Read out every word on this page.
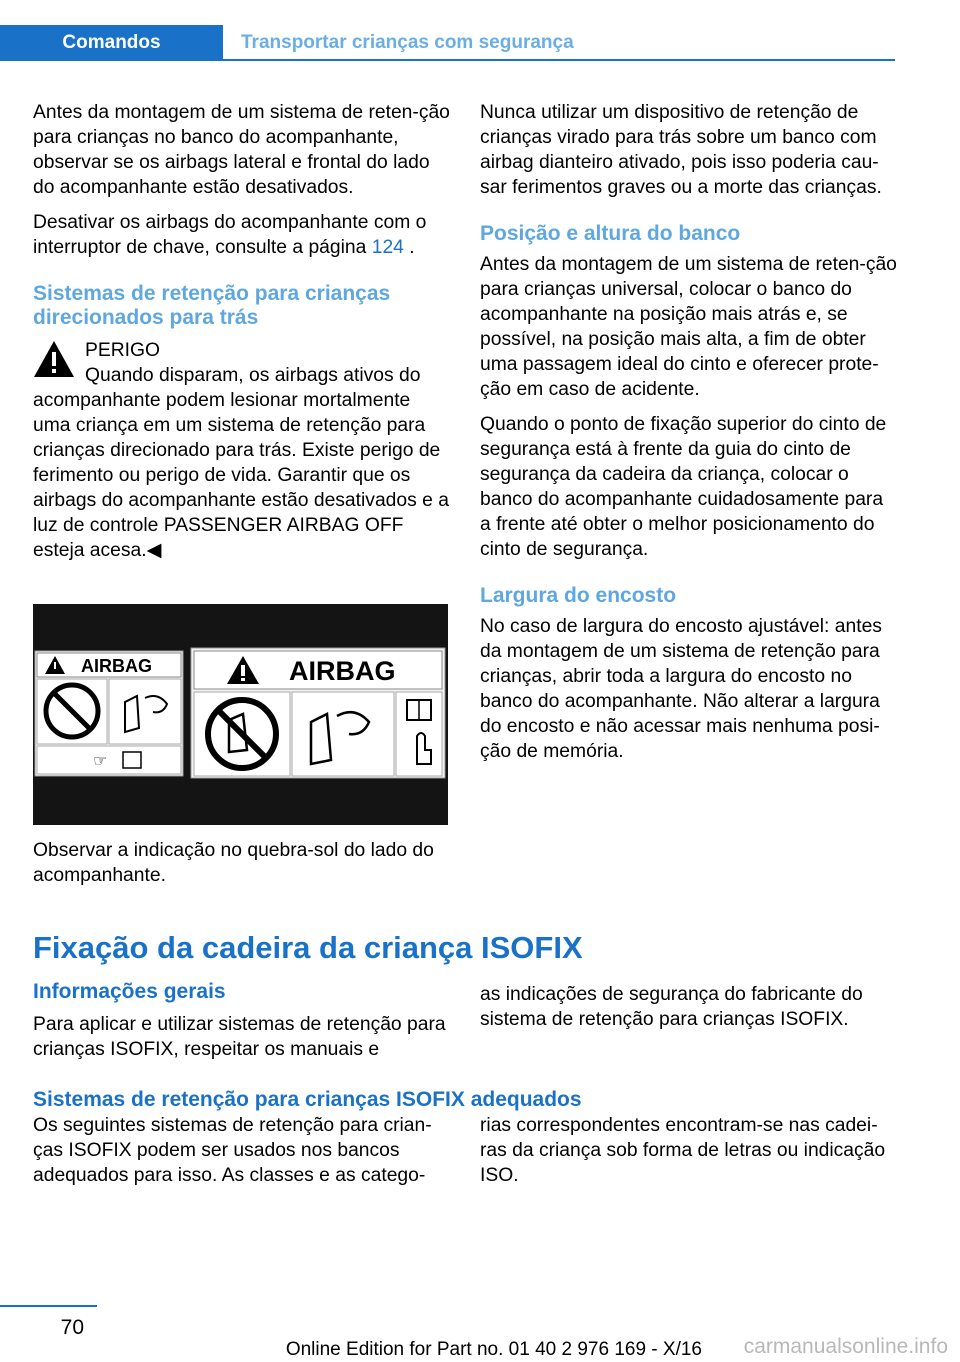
Comandos	Transportar crianças com segurança

Antes da montagem de um sistema de reten‐ção para crianças no banco do acompanhante, observar se os airbags lateral e frontal do lado do acompanhante estão desativados.

Desativar os airbags do acompanhante com o interruptor de chave, consulte a página 124 .

Sistemas de retenção para crianças direcionados para trás

PERIGO

Quando disparam, os airbags ativos do

acompanhante podem lesionar mortalmente uma criança em um sistema de retenção para crianças direcionado para trás. Existe perigo de ferimento ou perigo de vida. Garantir que os airbags do acompanhante estão desativados e a luz de controle PASSENGER AIRBAG OFF esteja acesa.◀

AIRBAG
☞
AIRBAG

Observar a indicação no quebra-sol do lado do acompanhante.

Nunca utilizar um dispositivo de retenção de crianças virado para trás sobre um banco com airbag dianteiro ativado, pois isso poderia cau‐sar ferimentos graves ou a morte das crianças.

Posição e altura do banco

Antes da montagem de um sistema de reten‐ção para crianças universal, colocar o banco do acompanhante na posição mais atrás e, se possível, na posição mais alta, a fim de obter uma passagem ideal do cinto e oferecer prote‐ção em caso de acidente.

Quando o ponto de fixação superior do cinto de segurança está à frente da guia do cinto de segurança da cadeira da criança, colocar o banco do acompanhante cuidadosamente para a frente até obter o melhor posicionamento do cinto de segurança.

Largura do encosto

No caso de largura do encosto ajustável: antes da montagem de um sistema de retenção para crianças, abrir toda a largura do encosto no banco do acompanhante. Não alterar a largura do encosto e não acessar mais nenhuma posi‐ção de memória.

Fixação da cadeira da criança ISOFIX
Informações gerais

Para aplicar e utilizar sistemas de retenção para crianças ISOFIX, respeitar os manuais e

as indicações de segurança do fabricante do sistema de retenção para crianças ISOFIX.

Sistemas de retenção para crianças ISOFIX adequados

Os seguintes sistemas de retenção para crian‐ças ISOFIX podem ser usados nos bancos adequados para isso. As classes e as catego‐

rias correspondentes encontram-se nas cadei‐ras da criança sob forma de letras ou indicação ISO.

70
Online Edition for Part no. 01 40 2 976 169 - X/16 carmanualsonline.info
